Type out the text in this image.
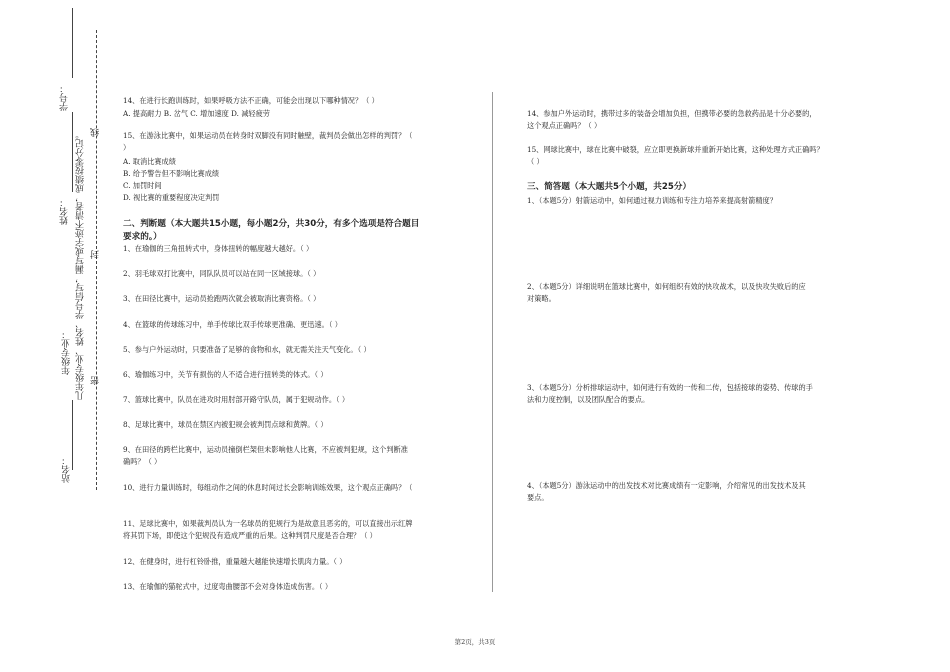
学号：
姓名： 几年级专业、姓名、学号信写，漏写或字迹不清者，成绩按零分记。
年级专业：
站名：
线
封
密
14、在进行长跑训练时，如果呼吸方法不正确，可能会出现以下哪种情况？（ ）
A. 提高耐力 B. 岔气 C. 增加速度 D. 减轻疲劳
15、在游泳比赛中，如果运动员在转身时双脚没有同时触壁，裁判员会做出怎样的判罚？（
）
A. 取消比赛成绩
B. 给予警告但不影响比赛成绩
C. 加罚时间
D. 视比赛的重要程度决定判罚
二、判断题（本大题共15小题，每小题2分，共30分，有多个选项是符合题目
要求的。）
1、在瑜伽的三角扭转式中，身体扭转的幅度越大越好。（ ）
2、羽毛球双打比赛中，同队队员可以站在同一区域接球。（ ）
3、在田径比赛中，运动员抢跑两次就会被取消比赛资格。（ ）
4、在篮球的传球练习中，单手传球比双手传球更准确、更迅速。（ ）
5、参与户外运动时，只要准备了足够的食物和水，就无需关注天气变化。（ ）
6、瑜伽练习中，关节有损伤的人不适合进行扭转类的体式。（ ）
7、篮球比赛中，队员在进攻时用肘部开路守队员，属于犯规动作。（ ）
8、足球比赛中，球员在禁区内被犯规会被判罚点球和黄牌。（ ）
9、在田径的跨栏比赛中，运动员撞倒栏架但未影响他人比赛，不应被判犯规，这个判断准
确吗？（ ）
10、进行力量训练时，每组动作之间的休息时间过长会影响训练效果，这个观点正确吗？（
11、足球比赛中，如果裁判员认为一名球员的犯规行为是故意且恶劣的，可以直接出示红牌
将其罚下场，即使这个犯规没有造成严重的后果。这种判罚尺度是否合理？（ ）
12、在健身时，进行杠铃卧推，重量越大越能快速增长肌肉力量。（ ）
13、在瑜伽的猫驼式中，过度弯曲腰部不会对身体造成伤害。（ ）
14、参加户外运动时，携带过多的装备会增加负担，但携带必要的急救药品是十分必要的，
这个观点正确吗？（ ）
15、网球比赛中，球在比赛中破裂，应立即更换新球并重新开始比赛，这种处理方式正确吗？
（ ）
三、简答题（本大题共5个小题，共25分）
1、（本题5分）射箭运动中，如何通过视力训练和专注力培养来提高射箭精度？
2、（本题5分）详细说明在篮球比赛中，如何组织有效的快攻战术，以及快攻失败后的应
对策略。
3、（本题5分）分析排球运动中，如何进行有效的一传和二传，包括接球的姿势、传球的手
法和力度控制，以及团队配合的要点。
4、（本题5分）游泳运动中的出发技术对比赛成绩有一定影响，介绍常见的出发技术及其
要点。
第2页，共3页
